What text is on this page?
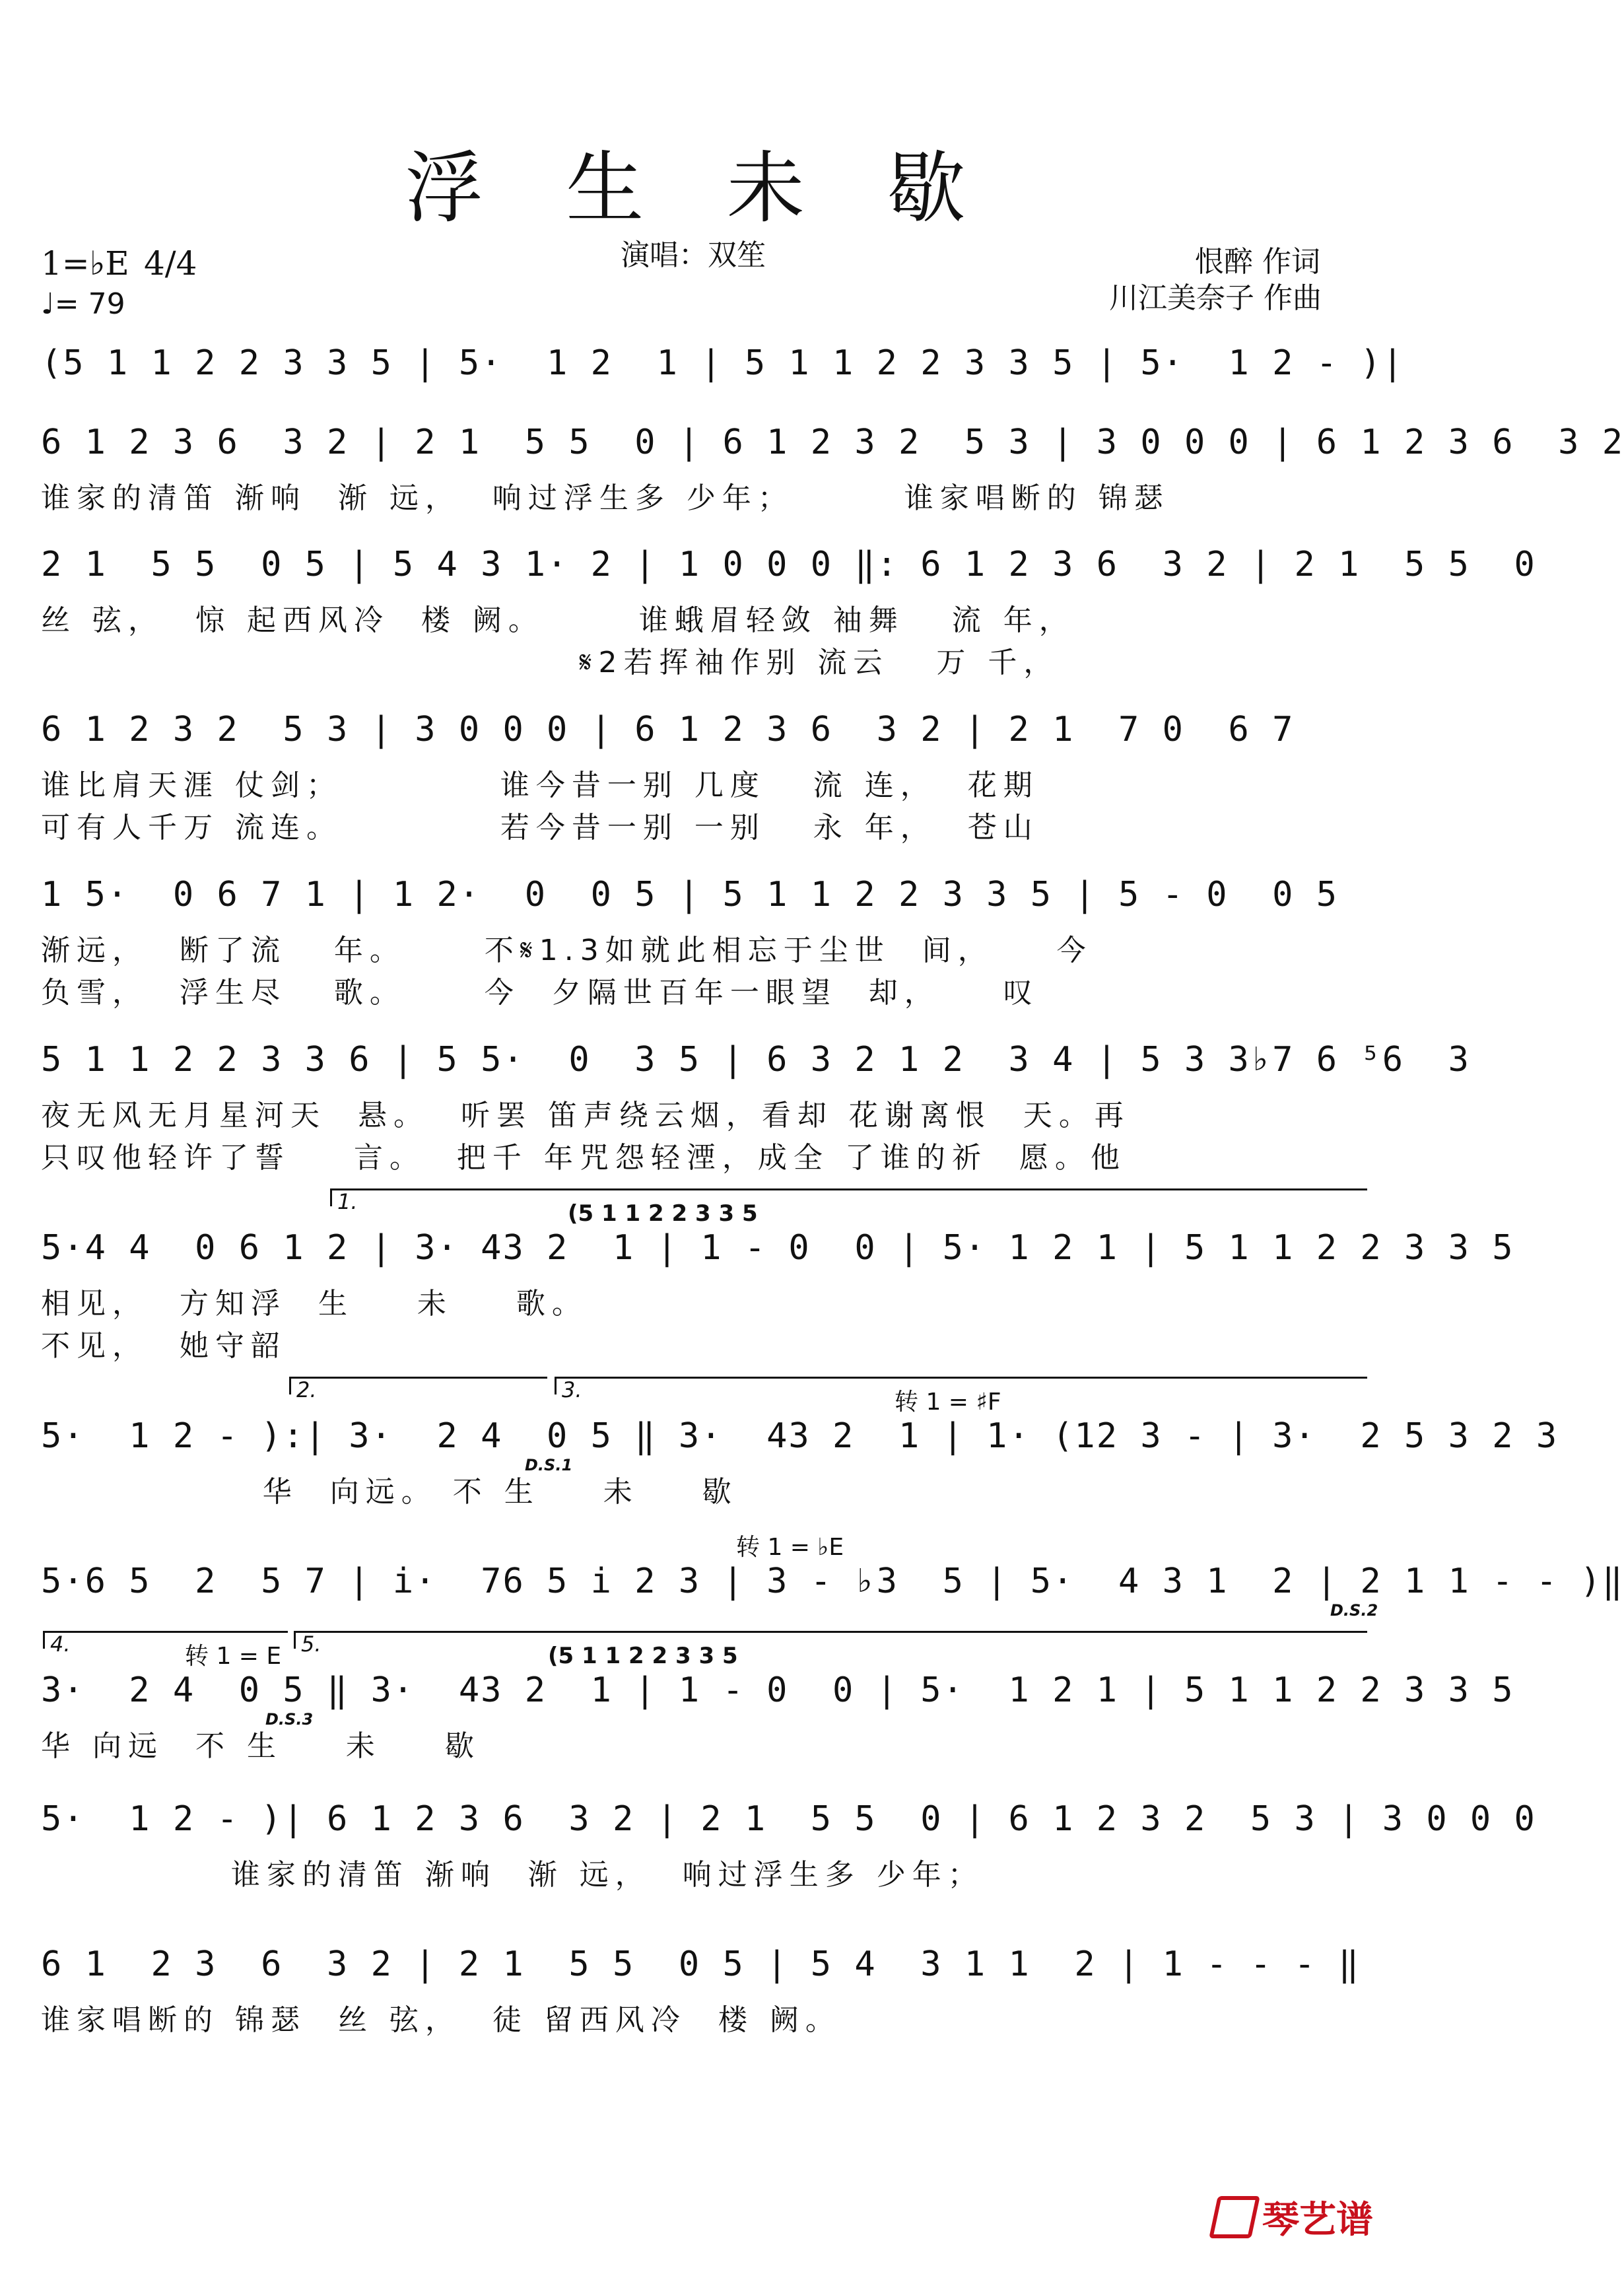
浮 生 未 歇
1=♭E 4/4
♩= 79
演唱：双笙	恨醉 作词
川江美奈子 作曲
(5 1 1 2 2 3 3 5 | 5·  1 2  1 | 5 1 1 2 2 3 3 5 | 5·  1 2 - )|
6 1 2 3 6  3 2 | 2 1  5 5  0 | 6 1 2 3 2  5 3 | 3 0 0 0 | 6 1 2 3 6  3 2
谁家的清笛 渐响  渐 远，  响过浮生多 少年；       谁家唱断的 锦瑟
2 1  5 5  0 5 | 5 4 3 1· 2 | 1 0 0 0 ‖: 6 1 2 3 6  3 2 | 2 1  5 5  0
丝 弦，  惊 起西风冷  楼 阙。      谁蛾眉轻敛 袖舞   流 年，
𝄋2若挥袖作别 流云   万 千，
6 1 2 3 2  5 3 | 3 0 0 0 | 6 1 2 3 6  3 2 | 2 1  7 0  6 7
谁比肩天涯 仗剑；          谁今昔一别 几度   流 连，  花期
可有人千万 流连。          若今昔一别 一别   永 年，  苍山
1 5·  0 6 7 1 | 1 2·  0  0 5 | 5 1 1 2 2 3 3 5 | 5 - 0  0 5
渐远，  断了流   年。     不𝄋1.3如就此相忘于尘世  间，    今
负雪，  浮生尽   歌。     今  夕隔世百年一眼望  却，    叹
5 1 1 2 2 3 3 6 | 5 5·  0  3 5 | 6 3 2 1 2  3 4 | 5 3 3♭7 6 ⁵6  3
夜无风无月星河天  悬。  听罢 笛声绕云烟，看却 花谢离恨  天。再
只叹他轻许了誓    言。  把千 年咒怨轻湮，成全 了谁的祈  愿。他
1.	(5 1 1 2 2 3 3 5
5·4 4  0 6 1 2 | 3· 43 2  1 | 1 - 0  0 | 5· 1 2 1 | 5 1 1 2 2 3 3 5
相见，  方知浮  生    未    歌。
不见，  她守韶
2.	3.	转 1 = ♯F
D.S.1
5·  1 2 - ):| 3·  2 4  0 5 ‖ 3·  43 2  1 | 1· (12 3 - | 3·  2 5 3 2 3
华  向远。 不 生    未    歇
转 1 = ♭E
5·6 5  2  5 7 | i·  76 5 i 2 3 | 3 - ♭3  5 | 5·  4 3 1  2 | 2 1 1 - - )‖
D.S.2
4.	5.
转 1 = E	(5 1 1 2 2 3 3 5
D.S.3
3·  2 4  0 5 ‖ 3·  43 2  1 | 1 - 0  0 | 5·  1 2 1 | 5 1 1 2 2 3 3 5
华 向远  不 生    未    歇
5·  1 2 - )| 6 1 2 3 6  3 2 | 2 1  5 5  0 | 6 1 2 3 2  5 3 | 3 0 0 0
谁家的清笛 渐响  渐 远，  响过浮生多 少年；
6 1  2 3  6  3 2 | 2 1  5 5  0 5 | 5 4  3 1 1  2 | 1 - - - ‖
谁家唱断的 锦瑟  丝 弦，  徒 留西风冷  楼 阙。
琴艺谱
